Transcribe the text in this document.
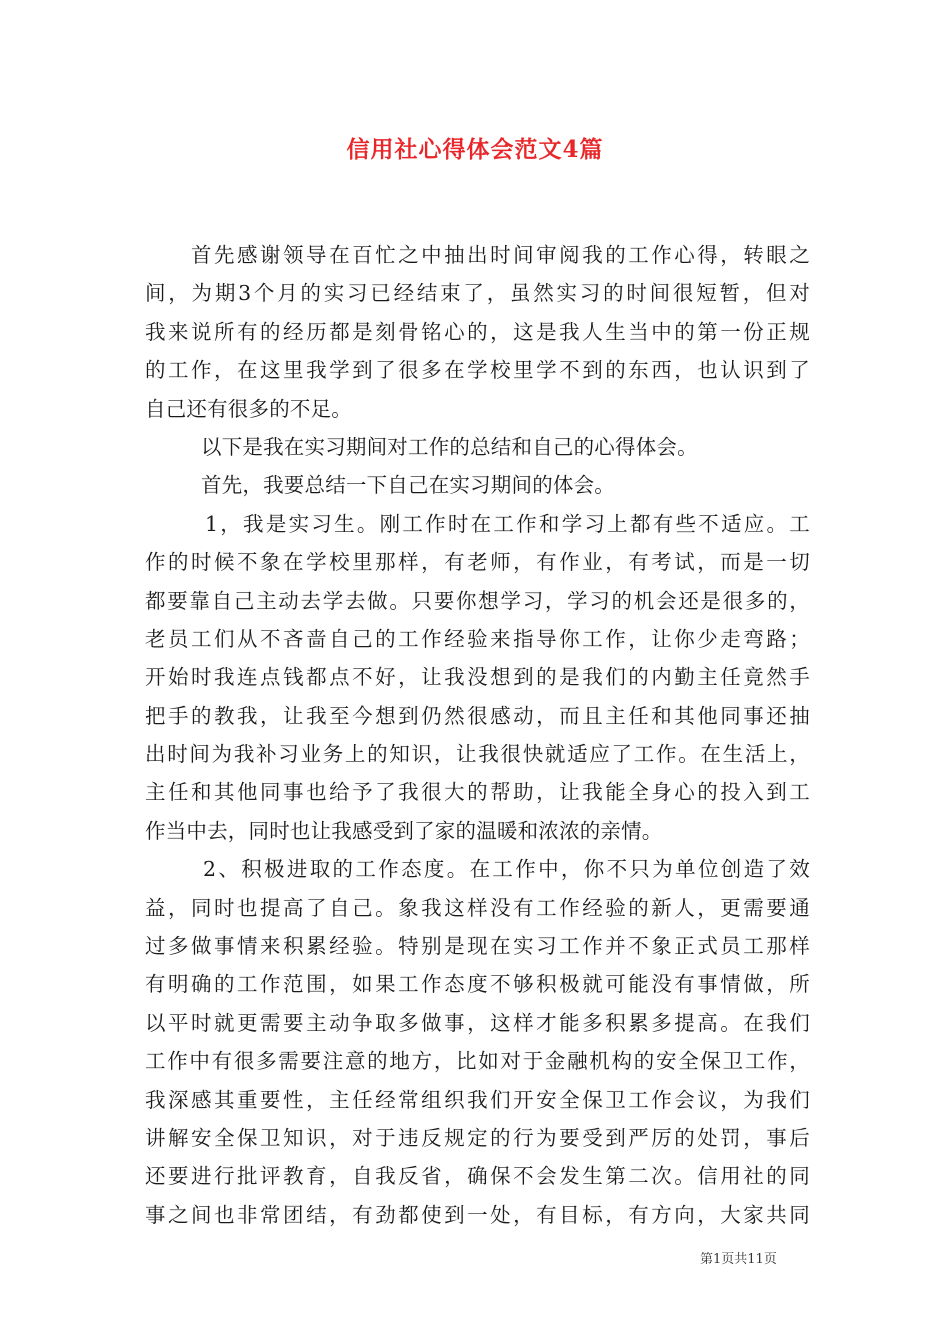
信用社心得体会范文4篇
首先感谢领导在百忙之中抽出时间审阅我的工作心得，转眼之
间，为期3个月的实习已经结束了，虽然实习的时间很短暂，但对
我来说所有的经历都是刻骨铭心的，这是我人生当中的第一份正规
的工作，在这里我学到了很多在学校里学不到的东西，也认识到了
自己还有很多的不足。
以下是我在实习期间对工作的总结和自己的心得体会。
首先，我要总结一下自己在实习期间的体会。
1，我是实习生。刚工作时在工作和学习上都有些不适应。工
作的时候不象在学校里那样，有老师，有作业，有考试，而是一切
都要靠自己主动去学去做。只要你想学习，学习的机会还是很多的，
老员工们从不吝啬自己的工作经验来指导你工作，让你少走弯路；
开始时我连点钱都点不好，让我没想到的是我们的内勤主任竟然手
把手的教我，让我至今想到仍然很感动，而且主任和其他同事还抽
出时间为我补习业务上的知识，让我很快就适应了工作。在生活上，
主任和其他同事也给予了我很大的帮助，让我能全身心的投入到工
作当中去，同时也让我感受到了家的温暖和浓浓的亲情。
2、积极进取的工作态度。在工作中，你不只为单位创造了效
益，同时也提高了自己。象我这样没有工作经验的新人，更需要通
过多做事情来积累经验。特别是现在实习工作并不象正式员工那样
有明确的工作范围，如果工作态度不够积极就可能没有事情做，所
以平时就更需要主动争取多做事，这样才能多积累多提高。在我们
工作中有很多需要注意的地方，比如对于金融机构的安全保卫工作，
我深感其重要性，主任经常组织我们开安全保卫工作会议，为我们
讲解安全保卫知识，对于违反规定的行为要受到严厉的处罚，事后
还要进行批评教育，自我反省，确保不会发生第二次。信用社的同
事之间也非常团结，有劲都使到一处，有目标，有方向，大家共同
第1页共11页
